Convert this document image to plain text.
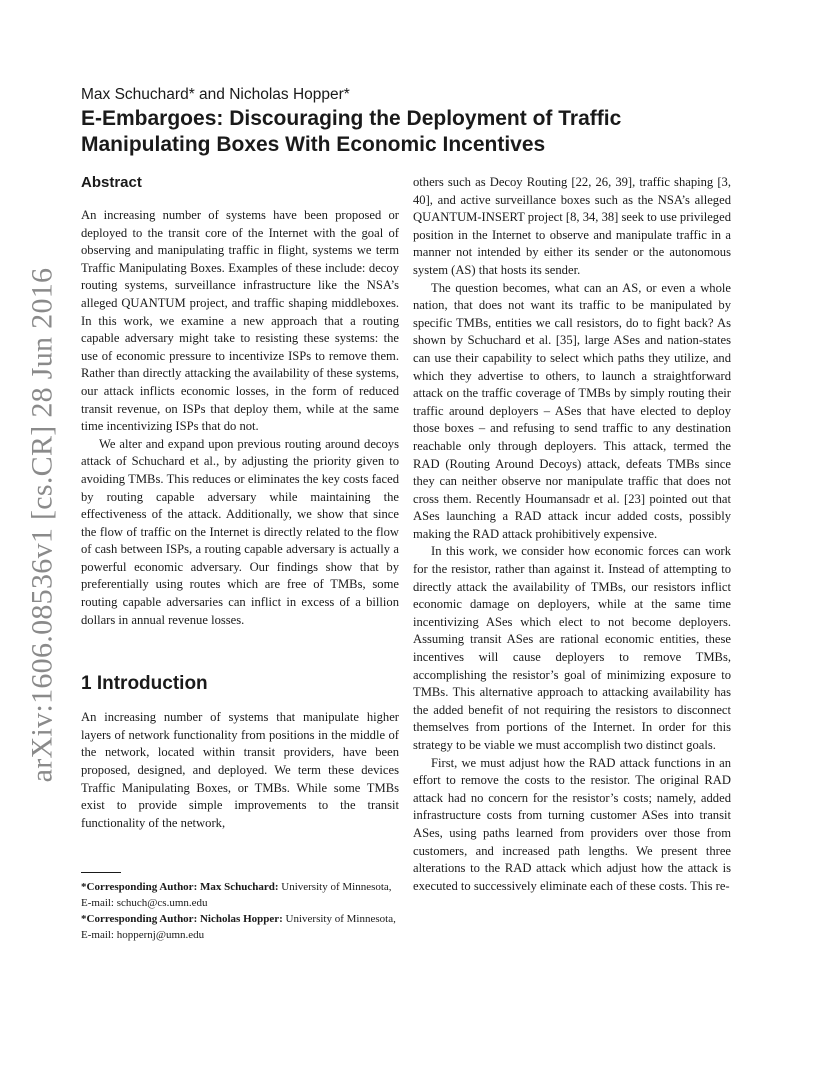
arXiv:1606.08536v1 [cs.CR] 28 Jun 2016
Max Schuchard* and Nicholas Hopper*
E-Embargoes: Discouraging the Deployment of Traffic Manipulating Boxes With Economic Incentives
Abstract

An increasing number of systems have been proposed or deployed to the transit core of the Internet with the goal of observing and manipulating traffic in flight, systems we term Traffic Manipulating Boxes. Examples of these include: decoy routing systems, surveillance infrastructure like the NSA’s alleged QUANTUM project, and traffic shaping middleboxes. In this work, we examine a new approach that a routing capable adversary might take to resisting these systems: the use of economic pressure to incentivize ISPs to remove them. Rather than directly attacking the availability of these systems, our attack inflicts economic losses, in the form of reduced transit revenue, on ISPs that deploy them, while at the same time incentivizing ISPs that do not.

We alter and expand upon previous routing around decoys attack of Schuchard et al., by adjusting the priority given to avoiding TMBs. This reduces or eliminates the key costs faced by routing capable adversary while maintaining the effectiveness of the attack. Additionally, we show that since the flow of traffic on the Internet is directly related to the flow of cash between ISPs, a routing capable adversary is actually a powerful economic adversary. Our findings show that by preferentially using routes which are free of TMBs, some routing capable adversaries can inflict in excess of a billion dollars in annual revenue losses.

1 Introduction

An increasing number of systems that manipulate higher layers of network functionality from positions in the middle of the network, located within transit providers, have been proposed, designed, and deployed. We term these devices Traffic Manipulating Boxes, or TMBs. While some TMBs exist to provide simple improvements to the transit functionality of the network,

*Corresponding Author: Max Schuchard: University of Minnesota, E-mail: schuch@cs.umn.edu

*Corresponding Author: Nicholas Hopper: University of Minnesota, E-mail: hoppernj@umn.edu

others such as Decoy Routing [22, 26, 39], traffic shaping [3, 40], and active surveillance boxes such as the NSA’s alleged QUANTUM-INSERT project [8, 34, 38] seek to use privileged position in the Internet to observe and manipulate traffic in a manner not intended by either its sender or the autonomous system (AS) that hosts its sender.

The question becomes, what can an AS, or even a whole nation, that does not want its traffic to be manipulated by specific TMBs, entities we call resistors, do to fight back? As shown by Schuchard et al. [35], large ASes and nation-states can use their capability to select which paths they utilize, and which they advertise to others, to launch a straightforward attack on the traffic coverage of TMBs by simply routing their traffic around deployers – ASes that have elected to deploy those boxes – and refusing to send traffic to any destination reachable only through deployers. This attack, termed the RAD (Routing Around Decoys) attack, defeats TMBs since they can neither observe nor manipulate traffic that does not cross them. Recently Houmansadr et al. [23] pointed out that ASes launching a RAD attack incur added costs, possibly making the RAD attack prohibitively expensive.

In this work, we consider how economic forces can work for the resistor, rather than against it. Instead of attempting to directly attack the availability of TMBs, our resistors inflict economic damage on deployers, while at the same time incentivizing ASes which elect to not become deployers. Assuming transit ASes are rational economic entities, these incentives will cause deployers to remove TMBs, accomplishing the resistor’s goal of minimizing exposure to TMBs. This alternative approach to attacking availability has the added benefit of not requiring the resistors to disconnect themselves from portions of the Internet. In order for this strategy to be viable we must accomplish two distinct goals.

First, we must adjust how the RAD attack functions in an effort to remove the costs to the resistor. The original RAD attack had no concern for the resistor’s costs; namely, added infrastructure costs from turning customer ASes into transit ASes, using paths learned from providers over those from customers, and increased path lengths. We present three alterations to the RAD attack which adjust how the attack is executed to successively eliminate each of these costs. This re-
